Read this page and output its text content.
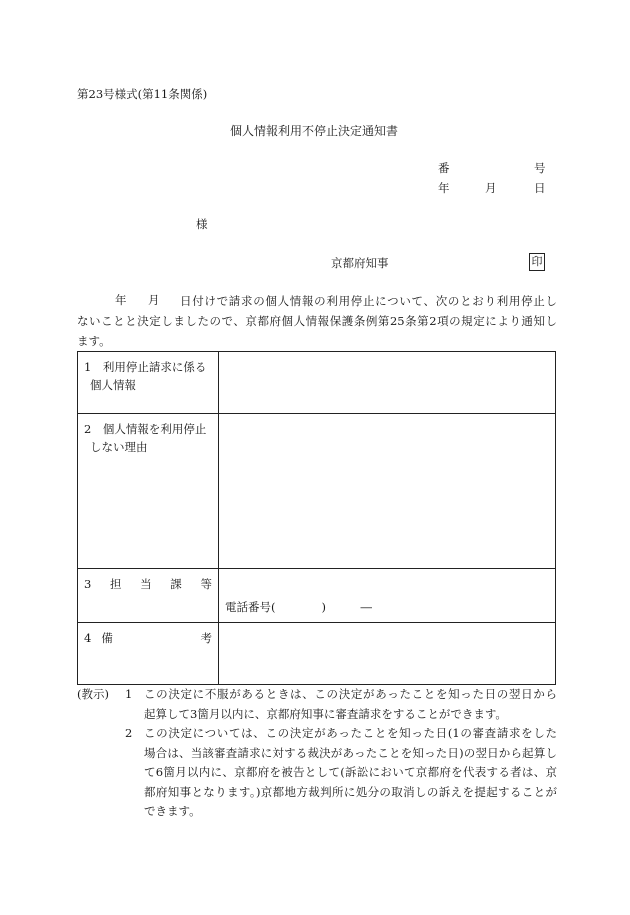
第23号様式(第11条関係)
個人情報利用不停止決定通知書
番	号
年	月	日
様
京都府知事	印
年 月 日付けで請求の個人情報の利用停止について、次のとおり利用停止し
ないことと決定しましたので、京都府個人情報保護条例第25条第2項の規定により通知し
ます。
1　利用停止請求に係る
個人情報	

2　個人情報を利用停止
しない理由	

3 担 当 課 等	電話番号(　　　　)　　　―

4 備 考	

(教示) 1 この決定に不服があるときは、この決定があったことを知った日の翌日から
起算して3箇月以内に、京都府知事に審査請求をすることができます。
2 この決定については、この決定があったことを知った日(1の審査請求をした
場合は、当該審査請求に対する裁決があったことを知った日)の翌日から起算し
て6箇月以内に、京都府を被告として(訴訟において京都府を代表する者は、京
都府知事となります。)京都地方裁判所に処分の取消しの訴えを提起することが
できます。
